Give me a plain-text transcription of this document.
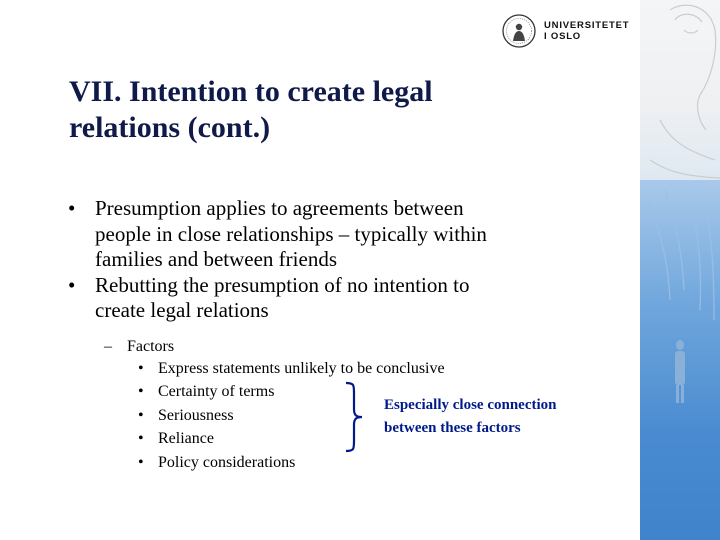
UNIVERSITETET
I OSLO
VII. Intention to create legal
relations (cont.)
• Presumption applies to agreements between
people in close relationships – typically within
families and between friends
• Rebutting the presumption of no intention to
create legal relations
– Factors
• Express statements unlikely to be conclusive
• Certainty of terms
• Seriousness
• Reliance
• Policy considerations
Especially close connection
between these factors
